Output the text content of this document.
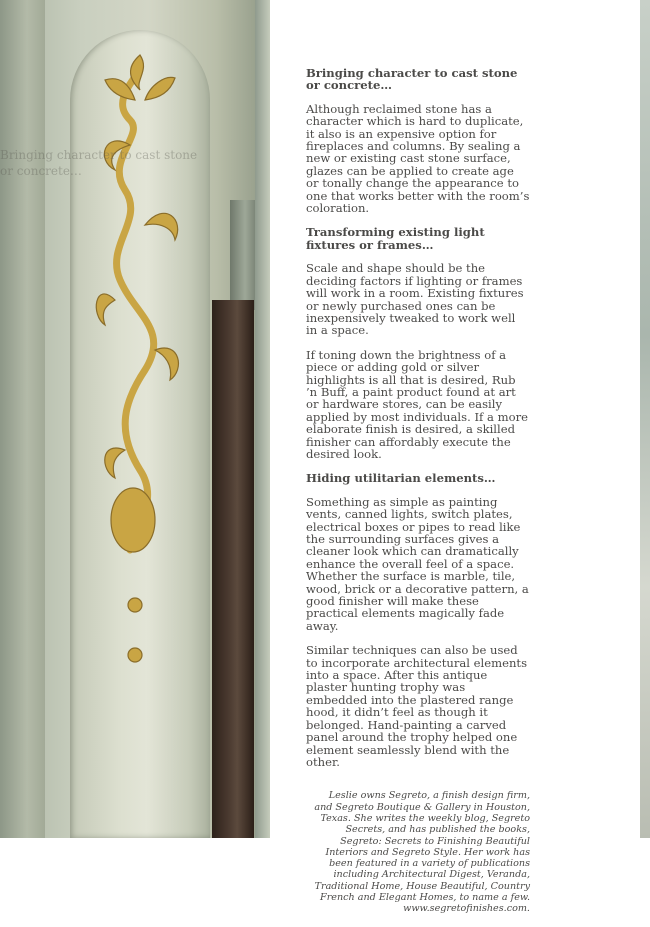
Bringing character to cast stone or concrete…
Bringing character to cast stone or concrete…

Although reclaimed stone has a character which is hard to duplicate, it also is an expensive option for fireplaces and columns. By sealing a new or existing cast stone surface, glazes can be applied to create age or tonally change the appearance to one that works better with the room’s coloration.

Transforming existing light fixtures or frames…

Scale and shape should be the deciding factors if lighting or frames will work in a room. Existing fixtures or newly purchased ones can be inexpensively tweaked to work well in a space.

If toning down the brightness of a piece or adding gold or silver highlights is all that is desired, Rub ’n Buff, a paint product found at art or hardware stores, can be easily applied by most individuals. If a more elaborate finish is desired, a skilled finisher can affordably execute the desired look.

Hiding utilitarian elements…

Something as simple as painting vents, canned lights, switch plates, electrical boxes or pipes to read like the surrounding surfaces gives a cleaner look which can dramatically enhance the overall feel of a space. Whether the surface is marble, tile, wood, brick or a decorative pattern, a good finisher will make these practical elements magically fade away.

Similar techniques can also be used to incorporate architectural elements into a space. After this antique plaster hunting trophy was embedded into the plastered range hood, it didn’t feel as though it belonged. Hand-painting a carved panel around the trophy helped one element seamlessly blend with the other.

Leslie owns Segreto, a finish design firm, and Segreto Boutique & Gallery in Houston, Texas. She writes the weekly blog, Segreto Secrets, and has published the books, Segreto: Secrets to Finishing Beautiful Interiors and Segreto Style. Her work has been featured in a variety of publications including Architectural Digest, Veranda, Traditional Home, House Beautiful, Country French and Elegant Homes, to name a few. www.segretofinishes.com.
